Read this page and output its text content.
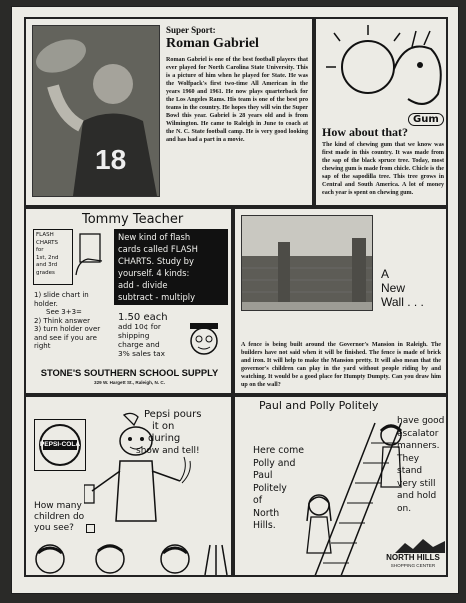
18
Super Sport:
Roman Gabriel
Roman Gabriel is one of the best football players that ever played for North Carolina State University. This is a picture of him when he played for State. He was the Wolfpack's first two-time All American in the years 1960 and 1961. He now plays quarterback for the Los Angeles Rams. His team is one of the best pro teams in the country. He hopes they will win the Super Bowl this year. Gabriel is 28 years old and is from Wilmington. He came to Raleigh in June to coach at the N. C. State football camp. He is very good looking and has had a part in a movie.
Gum
How about that?
The kind of chewing gum that we know was first made in this country. It was made from the sap of the black spruce tree. Today, most chewing gum is made from chicle. Chicle is the sap of the sapodilla tree. This tree grows in Central and South America. A lot of money each year is spent on chewing gum.
Tommy Teacher
FLASH
CHARTS
for
1st, 2nd
and 3rd
grades
New kind of flash
cards called FLASH
CHARTS. Study by
yourself. 4 kinds:
add - divide
subtract - multiply
1) slide chart in holder.
See 3+3=
2) Think answer
3) turn holder over and see if you are right
1.50 each
add 10¢ for
shipping
charge and
3% sales tax
STONE'S SOUTHERN SCHOOL SUPPLY
329 W. Hargett St., Raleigh, N. C.
A
New
Wall . . .
A fence is being built around the Governor's Mansion in Raleigh. The builders have not said when it will be finished. The fence is made of brick and iron. It will help to make the Mansion pretty. It will also mean that the governor's children can play in the yard without people riding by and watching. It would be a good place for Humpty Dumpty. Can you draw him up on the wall?
PEPSI-COLA
Pepsi pours
it on
during
show and tell!
How many
children do
you see?
Paul and Polly Politely
have good
escalator
manners.
They
stand
very still
and hold
on.
Here come
Polly and
Paul
Politely
of
North
Hills.
NORTH HILLS
SHOPPING CENTER
